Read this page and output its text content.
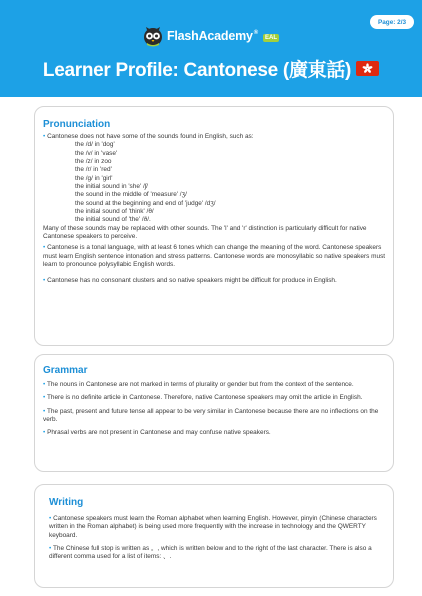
Page: 2/3
FlashAcademy ®
EAL
Learner Profile: Cantonese (廣東話)
Pronunciation

• Cantonese does not have some of the sounds found in English, such as:

the /d/ in 'dog'
the /v/ in 'vase'
the /z/ in zoo
the /r/ in 'red'
the /g/ in 'girl'
the initial sound in 'she' /ʃ/
the sound in the middle of 'measure' /ʒ/
the sound at the beginning and end of 'judge' /dʒ/
the initial sound of 'think' /θ/
the initial sound of 'the' /ð/.

Many of these sounds may be replaced with other sounds. The 'l' and 'r' distinction is particularly difficult for native Cantonese speakers to perceive.

• Cantonese is a tonal language, with at least 6 tones which can change the meaning of the word. Cantonese speakers must learn English sentence intonation and stress patterns. Cantonese words are monosyllabic so native speakers must learn to pronounce polysyllabic English words.

• Cantonese has no consonant clusters and so native speakers might be difficult for produce in English.

Grammar

• The nouns in Cantonese are not marked in terms of plurality or gender but from the context of the sentence.

• There is no definite article in Cantonese. Therefore, native Cantonese speakers may omit the article in English.

• The past, present and future tense all appear to be very similar in Cantonese because there are no inflections on the verb.

• Phrasal verbs are not present in Cantonese and may confuse native speakers.

Writing

• Cantonese speakers must learn the Roman alphabet when learning English. However, pinyin (Chinese characters written in the Roman alphabet) is being used more frequently with the increase in technology and the QWERTY keyboard.

• The Chinese full stop is written as 。, which is written below and to the right of the last character. There is also a different comma used for a list of items: 、.
